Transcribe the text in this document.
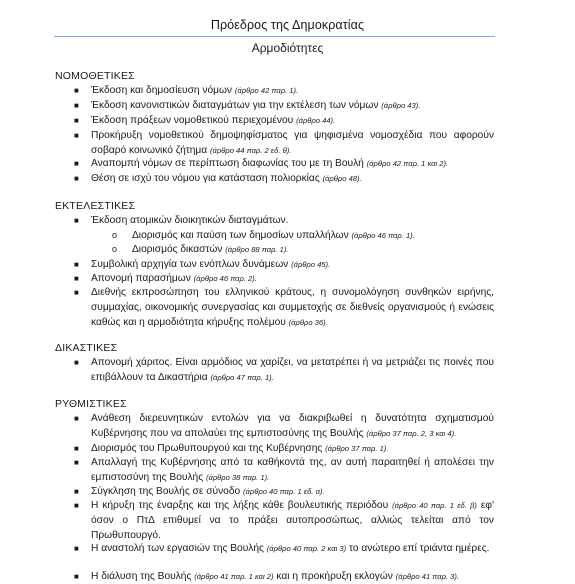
Πρόεδρος της Δημοκρατίας
Αρμοδιότητες
ΝΟΜΟΘΕΤΙΚΕΣ
■ Έκδοση και δημοσίευση νόμων (άρθρο 42 παρ. 1).
■ Έκδοση κανονιστικών διαταγμάτων για την εκτέλεση των νόμων (άρθρο 43).
■ Έκδοση πράξεων νομοθετικού περιεχομένου (άρθρο 44).
■ Προκήρυξη νομοθετικού δημοψηφίσματος για ψηφισμένα νομοσχέδια που αφορούν σοβαρό κοινωνικό ζήτημα (άρθρο 44 παρ. 2 εδ. θ).
■ Αναπομπή νόμων σε περίπτωση διαφωνίας του με τη Βουλή (άρθρο 42 παρ. 1 και 2).
■ Θέση σε ισχύ του νόμου για κατάσταση πολιορκίας (άρθρο 48).
ΕΚΤΕΛΕΣΤΙΚΕΣ
■ Έκδοση ατομικών διοικητικών διαταγμάτων.
o Διορισμός και παύση των δημοσίων υπαλλήλων (άρθρο 46 παρ. 1).
o Διορισμός δικαστών (άρθρο 88 παρ. 1).
■ Συμβολική αρχηγία των ενόπλων δυνάμεων (άρθρο 45).
■ Απονομή παρασήμων (άρθρο 46 παρ. 2).
■ Διεθνής εκπροσώπηση του ελληνικού κράτους, η συνομολόγηση συνθηκών ειρήνης, συμμαχίας, οικονομικής συνεργασίας και συμμετοχής σε διεθνείς οργανισμούς ή ενώσεις καθώς και η αρμοδιότητα κήρυξης πολέμου (άρθρο 36).
ΔΙΚΑΣΤΙΚΕΣ
■ Απονομή χάριτος. Είναι αρμόδιος να χαρίζει, να μετατρέπει ή να μετριάζει τις ποινές που επιβάλλουν τα Δικαστήρια (άρθρο 47 παρ. 1).
ΡΥΘΜΙΣΤΙΚΕΣ
■ Ανάθεση διερευνητικών εντολών για να διακριβωθεί η δυνατότητα σχηματισμού Κυβέρνησης που να απολαύει της εμπιστοσύνης της Βουλής (άρθρο 37 παρ. 2, 3 και 4).
■ Διορισμός του Πρωθυπουργού και της Κυβέρνησης (άρθρο 37 παρ. 1).
■ Απαλλαγή της Κυβέρνησης από τα καθήκοντά της, αν αυτή παραιτηθεί ή απολέσει την εμπιστοσύνη της Βουλής (άρθρο 38 παρ. 1).
■ Σύγκληση της Βουλής σε σύνοδο (άρθρο 40 παρ. 1 εδ. α).
■ Η κήρυξη της έναρξης και της λήξης κάθε βουλευτικής περιόδου (άρθρο 40 παρ. 1 εδ. β) εφ' όσον ο ΠτΔ επιθυμεί να το πράξει αυτοπροσώπως, αλλιώς τελείται από τον Πρωθυπουργό.
■ Η αναστολή των εργασιών της Βουλής (άρθρο 40 παρ. 2 και 3) το ανώτερο επί τριάντα ημέρες.
■ Η διάλυση της Βουλής (άρθρο 41 παρ. 1 και 2) και η προκήρυξη εκλογών (άρθρο 41 παρ. 3).
